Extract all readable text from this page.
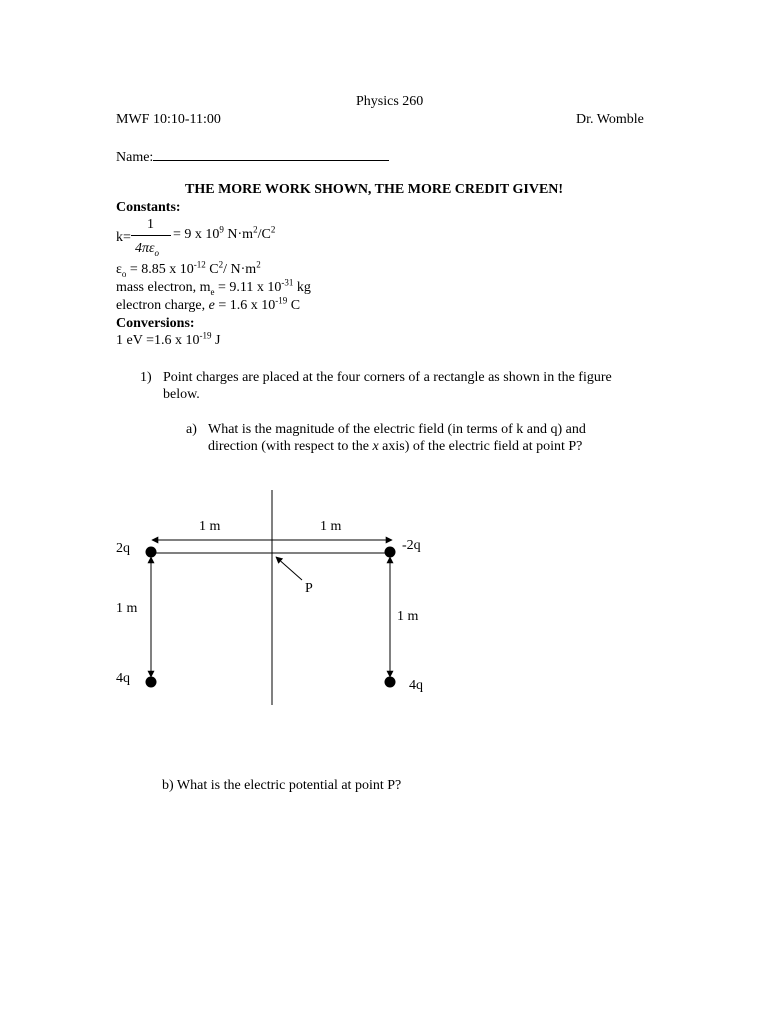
Physics 260
MWF 10:10-11:00	Dr. Womble
Name:
THE MORE WORK SHOWN, THE MORE CREDIT GIVEN!
Constants:
k=
1
$4\pi\varepsilon_o$
= 9 x $10^9$ $N\cdot m^2/C^2$
$\varepsilon_o = 8.85$ x $10^{-12}$ $C^2/$ $N\cdot m^2$
mass electron, $m_e = 9.11$ x $10^{-31}$ kg
electron charge, e = 1.6 x $10^{-19}$ C
Conversions:
1 eV =1.6 x $10^{-19}$ J
1) Point charges are placed at the four corners of a rectangle as shown in the figure
below.
a) What is the magnitude of the electric field (in terms of k and q) and
direction (with respect to the x axis) of the electric field at point P?
2q	-2q
4q	4q
1 m	1 m
1 m
1 m
P
b) What is the electric potential at point P?
